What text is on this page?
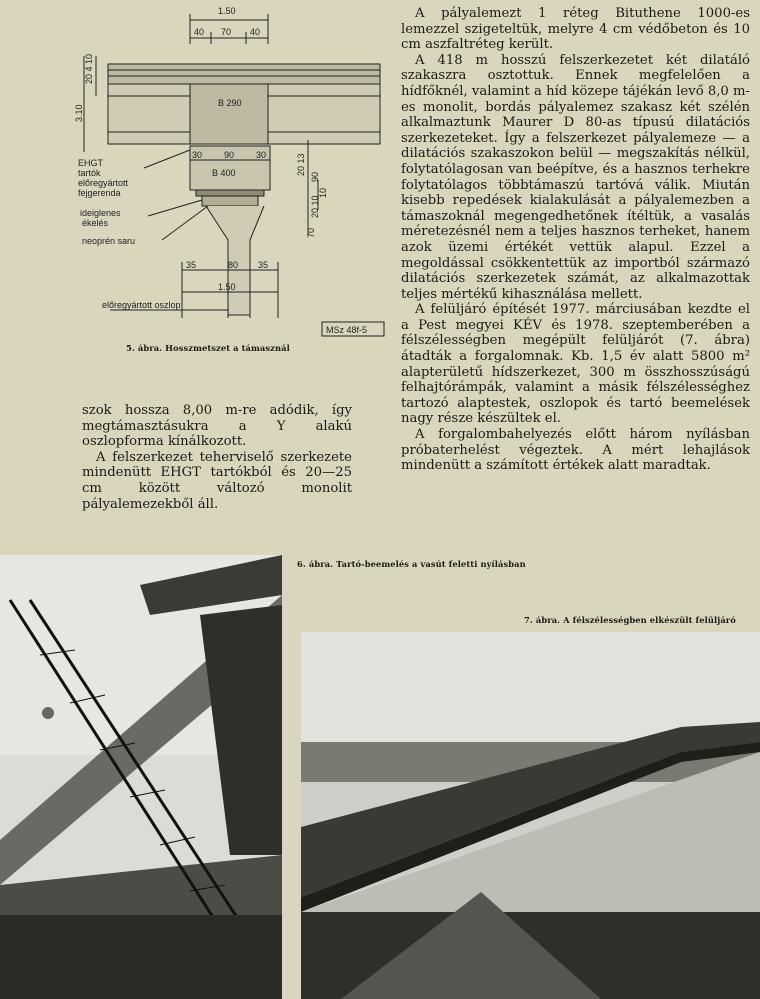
1.50
40 70 40
20 4 10
3.10
B 290
30 90 30
B 400
EHGT
tartók
előregyártott
fejgerenda
ideiglenes
ékelés
neoprén saru
35	80 35
1.50
előregyártott oszlop
MSz 48f-5
20 13
90
10
20 10
70
5. ábra. Hosszmetszet a támasznál

szok hossza 8,00 m-re adódik, így megtámasztásukra a Y alakú oszlopforma kínálkozott.

A felszerkezet teherviselő szerkezete mindenütt EHGT tartókból és 20—25 cm között változó monolit pályalemezekből áll.

A pályalemezt 1 réteg Bituthene 1000-es lemezzel szigeteltük, melyre 4 cm védőbeton és 10 cm aszfaltréteg került.

A 418 m hosszú felszerkezetet két dilatáló szakaszra osztottuk. Ennek megfelelően a hídfőknél, valamint a híd közepe tájékán levő 8,0 m-es monolit, bordás pályalemez szakasz két szélén alkalmaztunk Maurer D 80-as típusú dilatációs szerkezeteket. Így a felszerkezet pályalemeze — a dilatációs szakaszokon belül — megszakítás nélkül, folytatólagosan van beépítve, és a hasznos terhekre folytatólagos többtámaszú tartóvá válik. Miután kisebb repedések kialakulását a pályalemezben a támaszoknál megengedhetőnek ítéltük, a vasalás méretezésnél nem a teljes hasznos terheket, hanem azok üzemi értékét vettük alapul. Ezzel a megoldással csökkentettük az importból származó dilatációs szerkezetek számát, az alkalmazottak teljes mértékű kihasználása mellett.

A felüljáró építését 1977. márciusában kezdte el a Pest megyei KÉV és 1978. szeptemberében a félszélességben megépült felüljárót (7. ábra) átadták a forgalomnak. Kb. 1,5 év alatt 5800 m² alapterületű hídszerkezet, 300 m összhosszúságú felhajtórámpák, valamint a másik félszélességhez tartozó alaptestek, oszlopok és tartó beemelések nagy része készültek el.

A forgalombahelyezés előtt három nyílásban próbaterhelést végeztek. A mért lehajlások mindenütt a számított értékek alatt maradtak.

6. ábra. Tartó-beemelés a vasút feletti nyílásban
7. ábra. A félszélességben elkészült felüljáró
